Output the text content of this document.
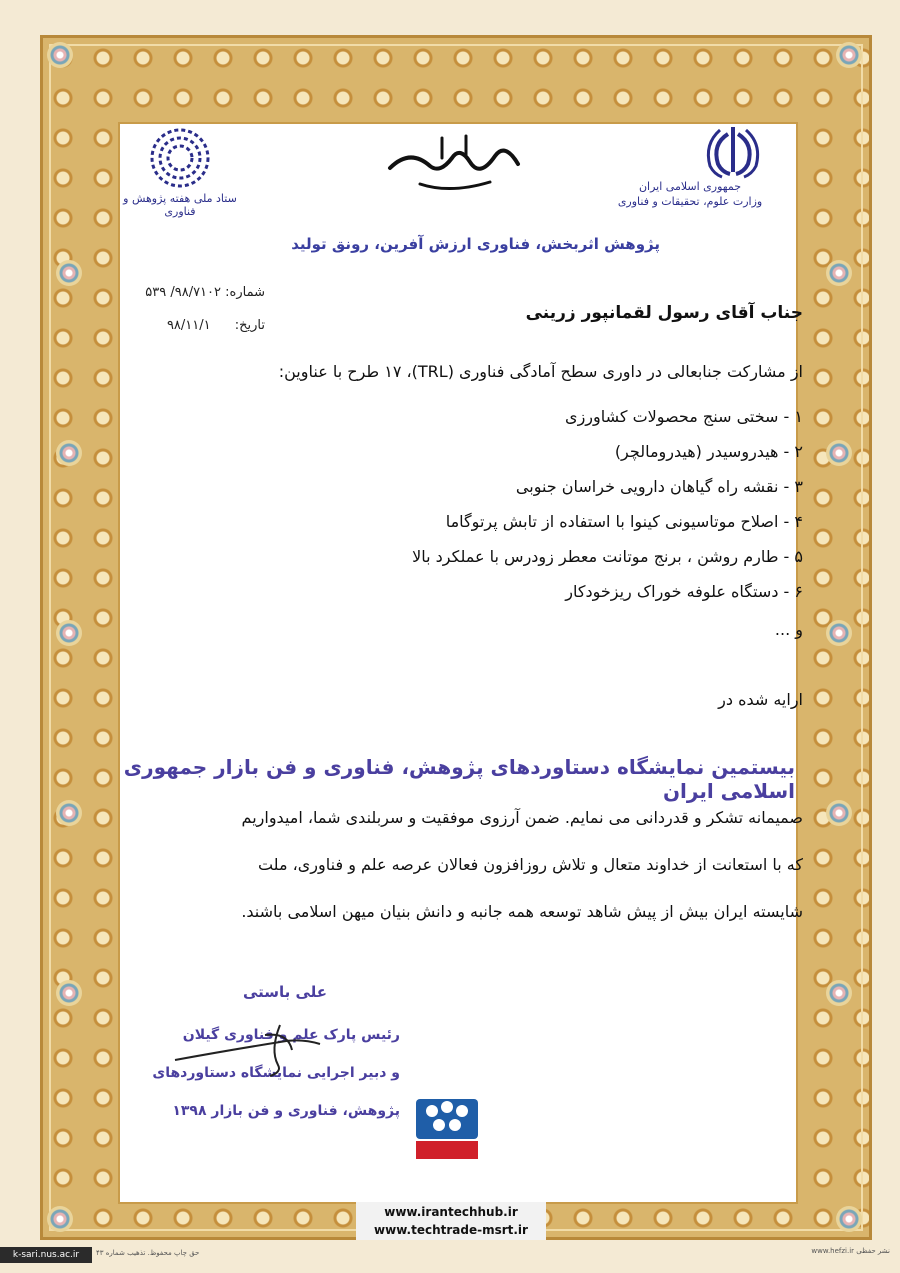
جمهوری اسلامی ایران
وزارت علوم، تحقیقات و فناوری
ستاد ملی هفته پژوهش و فناوری
پژوهش اثربخش، فناوری ارزش آفرین، رونق تولید
شماره: ۹۸/۷۱۰۲/ ۵۳۹
تاریخ: ۹۸/۱۱/۱
جناب آقای رسول لقمانپور زرینی
از مشارکت جنابعالی در داوری سطح آمادگی فناوری (TRL)، ۱۷ طرح با عناوین:
۱ - سختی سنج محصولات کشاورزی
۲ - هیدروسیدر (هیدرومالچر)
۳ - نقشه راه گیاهان دارویی خراسان جنوبی
۴ - اصلاح موتاسیونی کینوا با استفاده از تابش پرتوگاما
۵ - طارم روشن ، برنج موتانت معطر زودرس با عملکرد بالا
۶ - دستگاه علوفه خوراک ریزخودکار
و ...
ارایه شده در
بیستمین نمایشگاه دستاوردهای پژوهش، فناوری و فن بازار جمهوری اسلامی ایران
صمیمانه تشکر و قدردانی می نمایم. ضمن آرزوی موفقیت و سربلندی شما، امیدواریم
که با استعانت از خداوند متعال و تلاش روزافزون فعالان عرصه علم و فناوری، ملت
شایسته ایران بیش از پیش شاهد توسعه همه جانبه و دانش بنیان میهن اسلامی باشند.
علی باستی
رئیس پارک علم و فناوری گیلان
و دبیر اجرایی نمایشگاه دستاوردهای
پژوهش، فناوری و فن بازار ۱۳۹۸
www.irantechhub.ir
www.techtrade-msrt.ir
k-sari.nus.ac.ir	حق چاپ محفوظ. تذهیب شماره ۴۳	www.hefzi.ir نشر حفظی
